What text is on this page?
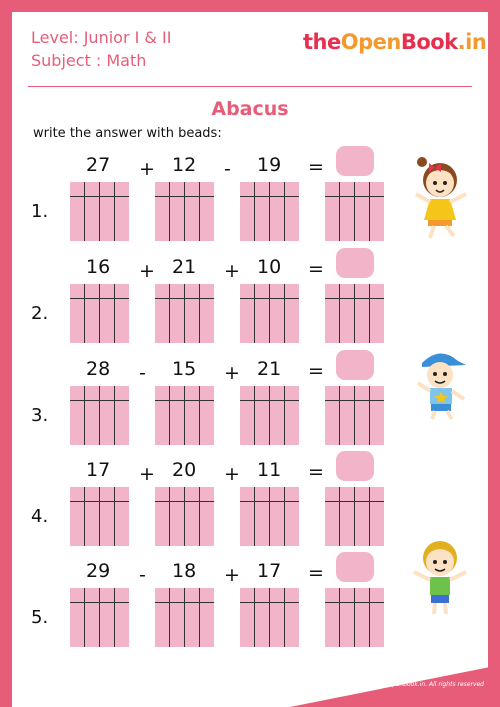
Level: Junior I & II
Subject : Math
theOpenBook.in
Abacus
write the answer with beads:
27 + 12 - 19 =
1.
16 + 21 + 10 =
2.
28 - 15 + 21 =
3.
17 + 20 + 11 =
4.
29 - 18 + 17 =
5.
Copyright © theopenbook.in. All rights reserved
